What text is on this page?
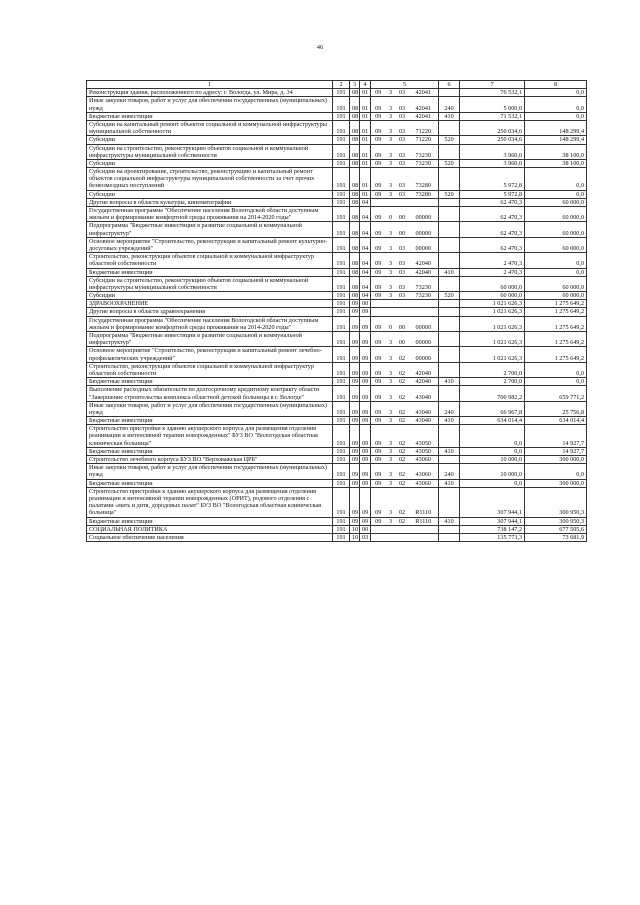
46
1	2	3	4	5				6	7	8
Реконструкция здания, расположенного по адресу: г. Вологда, ул. Мира, д. 34	191	08	01	09	3	03	42041		76 532,1	0,0
Иные закупки товаров, работ и услуг для обеспечения государственных (муниципальных) нужд	191	08	01	09	3	03	42041	240	5 000,0	0,0
Бюджетные инвестиции	191	08	01	09	3	03	42041	410	71 532,1	0,0
Субсидии на капитальный ремонт объектов социальной и коммунальной инфраструктуры муниципальной собственности	191	08	01	09	3	03	71220		250 034,6	148 299,4
Субсидии	191	08	01	09	3	03	71220	520	250 034,6	148 299,4
Субсидии на строительство, реконструкцию объектов социальной и коммунальной инфраструктуры муниципальной собственности	191	08	01	09	3	03	73230		3 960,0	38 100,0
Субсидии	191	08	01	09	3	03	73230	520	3 960,0	38 100,0
Субсидии на проектирование, строительство, реконструкцию и капитальный ремонт объектов социальной инфраструктуры муниципальной собственности за счет прочих безвозмездных поступлений	191	08	01	09	3	03	73280		5 972,8	0,0
Субсидии	191	08	01	09	3	03	73280	520	5 972,8	0,0
Другие вопросы в области культуры, кинематографии	191	08	04						62 470,3	60 000,0
Государственная программа "Обеспечение населения Вологодской области доступным жильем и формирование комфортной среды проживания на 2014-2020 годы"	191	08	04	09	0	00	00000		62 470,3	60 000,0
Подпрограмма "Бюджетные инвестиции в развитие социальной и коммунальной инфраструктур"	191	08	04	09	3	00	00000		62 470,3	60 000,0
Основное мероприятие "Строительство, реконструкция и капитальный ремонт культурно-досуговых учреждений"	191	08	04	09	3	03	00000		62 470,3	60 000,0
Строительство, реконструкция объектов социальной и коммунальной инфраструктур областной собственности	191	08	04	09	3	03	42040		2 470,3	0,0
Бюджетные инвестиции	191	08	04	09	3	03	42040	410	2 470,3	0,0
Субсидии на строительство, реконструкцию объектов социальной и коммунальной инфраструктуры муниципальной собственности	191	08	04	09	3	03	73230		60 000,0	60 000,0
Субсидии	191	08	04	09	3	03	73230	520	60 000,0	60 000,0
ЗДРАВООХРАНЕНИЕ	191	09	00						1 021 626,3	1 275 649,2
Другие вопросы в области здравоохранения	191	09	09						1 021 626,3	1 275 649,2
Государственная программа "Обеспечение населения Вологодской области доступным жильем и формирование комфортной среды проживания на 2014-2020 годы"	191	09	09	09	0	00	00000		1 021 626,3	1 275 649,2
Подпрограмма "Бюджетные инвестиции в развитие социальной и коммунальной инфраструктур"	191	09	09	09	3	00	00000		1 021 626,3	1 275 649,2
Основное мероприятие "Строительство, реконструкция и капитальный ремонт лечебно-профилактических учреждений"	191	09	09	09	3	02	00000		1 021 626,3	1 275 649,2
Строительство, реконструкция объектов социальной и коммунальной инфраструктур областной собственности	191	09	09	09	3	02	42040		2 700,0	0,0
Бюджетные инвестиции	191	09	09	09	3	02	42040	410	2 700,0	0,0
Выполнение расходных обязательств по долгосрочному кредитному контракту области "Завершение строительства комплекса областной детской больницы в г. Вологде"	191	09	09	09	3	02	43040		700 982,2	659 771,2
Иные закупки товаров, работ и услуг для обеспечения государственных (муниципальных) нужд	191	09	09	09	3	02	43040	240	66 967,8	25 756,8
Бюджетные инвестиции	191	09	09	09	3	02	43040	410	634 014,4	634 014,4
Строительство пристройки к зданию акушерского корпуса для размещения отделения реанимации и интенсивной терапии новорожденных" БУЗ ВО "Вологодская областная клиническая больница"	191	09	09	09	3	02	43050		0,0	14 927,7
Бюджетные инвестиции	191	09	09	09	3	02	43050	410	0,0	14 927,7
Строительство лечебного корпуса БУЗ ВО "Верховажская ЦРБ"	191	09	09	09	3	02	43060		10 000,0	300 000,0
Иные закупки товаров, работ и услуг для обеспечения государственных (муниципальных) нужд	191	09	09	09	3	02	43060	240	10 000,0	0,0
Бюджетные инвестиции	191	09	09	09	3	02	43060	410	0,0	300 000,0
Строительство пристройки к зданию акушерского корпуса для размещения отделения реанимации и интенсивной терапии новорожденных (ОРИТ), родового отделения с палатами «мать и дитя, дородовых палат" БУЗ ВО "Вологодская областная клиническая больница"	191	09	09	09	3	02	R1110		307 944,1	300 950,3
Бюджетные инвестиции	191	09	09	09	3	02	R1110	410	307 944,1	300 950,3
СОЦИАЛЬНАЯ ПОЛИТИКА	191	10	00						738 147,2	677 505,6
Социальное обеспечение населения	191	10	03						135 773,3	73 681,9
